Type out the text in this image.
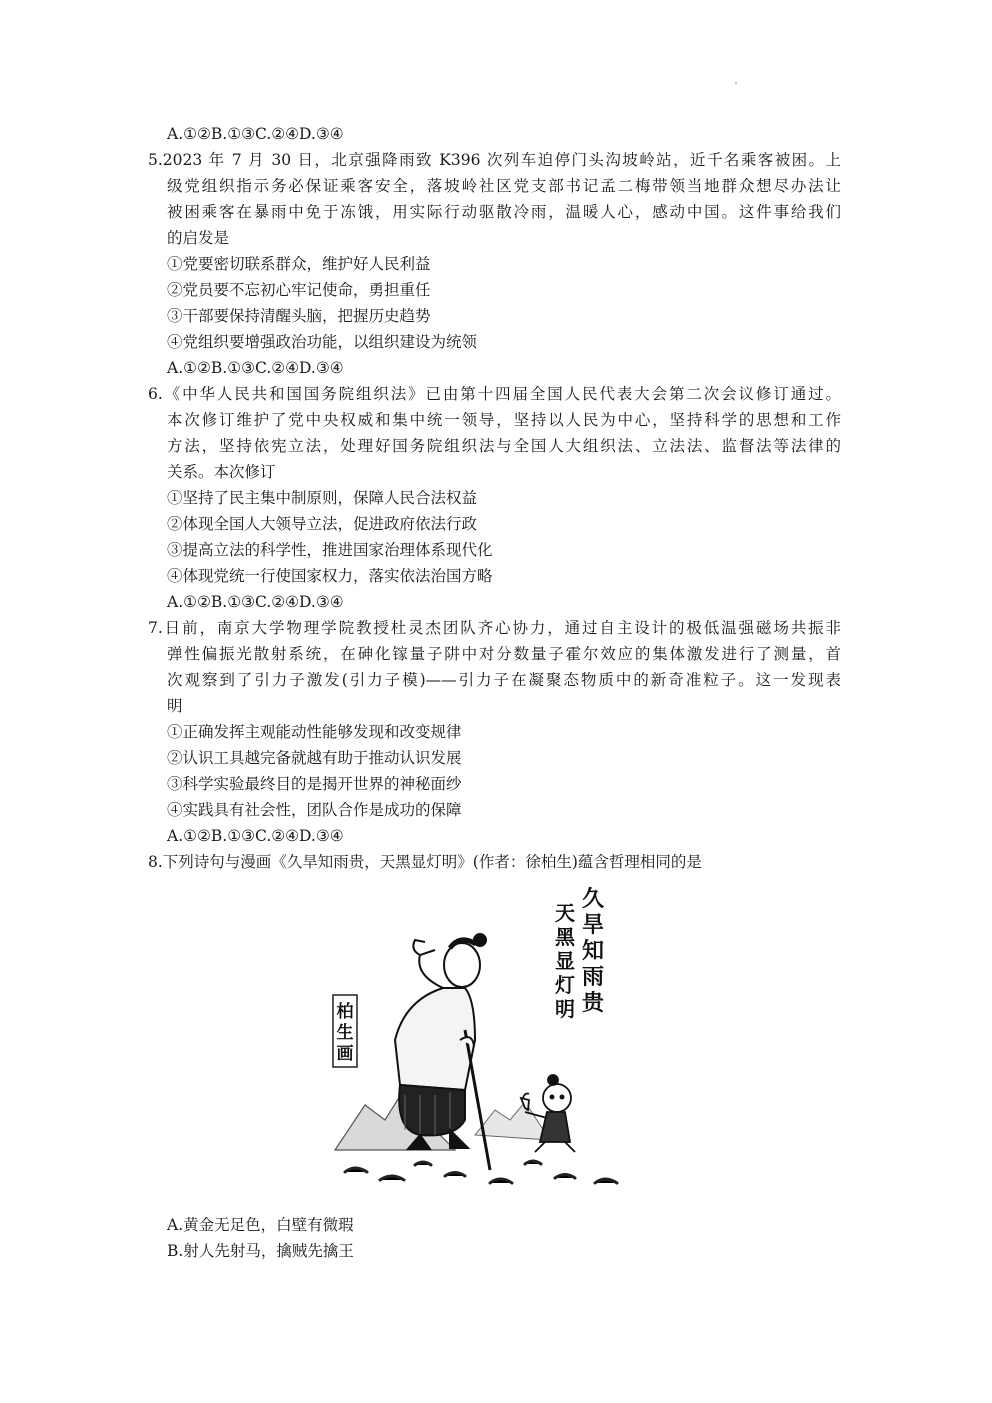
A.①②B.①③C.②④D.③④
5.2023 年 7 月 30 日，北京强降雨致 K396 次列车迫停门头沟坡岭站，近千名乘客被困。上
级党组织指示务必保证乘客安全，落坡岭社区党支部书记孟二梅带领当地群众想尽办法让
被困乘客在暴雨中免于冻饿，用实际行动驱散冷雨，温暖人心，感动中国。这件事给我们
的启发是
①党要密切联系群众，维护好人民利益
②党员要不忘初心牢记使命，勇担重任
③干部要保持清醒头脑，把握历史趋势
④党组织要增强政治功能，以组织建设为统领
A.①②B.①③C.②④D.③④
6.《中华人民共和国国务院组织法》已由第十四届全国人民代表大会第二次会议修订通过。
本次修订维护了党中央权威和集中统一领导，坚持以人民为中心，坚持科学的思想和工作
方法，坚持依宪立法，处理好国务院组织法与全国人大组织法、立法法、监督法等法律的
关系。本次修订
①坚持了民主集中制原则，保障人民合法权益
②体现全国人大领导立法，促进政府依法行政
③提高立法的科学性，推进国家治理体系现代化
④体现党统一行使国家权力，落实依法治国方略
A.①②B.①③C.②④D.③④
7.日前，南京大学物理学院教授杜灵杰团队齐心协力，通过自主设计的极低温强磁场共振非
弹性偏振光散射系统，在砷化镓量子阱中对分数量子霍尔效应的集体激发进行了测量，首
次观察到了引力子激发(引力子模)——引力子在凝聚态物质中的新奇准粒子。这一发现表
明
①正确发挥主观能动性能够发现和改变规律
②认识工具越完备就越有助于推动认识发展
③科学实验最终目的是揭开世界的神秘面纱
④实践具有社会性，团队合作是成功的保障
A.①②B.①③C.②④D.③④
8.下列诗句与漫画《久旱知雨贵，天黑显灯明》(作者：徐柏生)蕴含哲理相同的是
柏
生
画
久
旱
知
雨
贵
天
黑
显
灯
明
A.黄金无足色，白壁有微瑕
B.射人先射马，擒贼先擒王
